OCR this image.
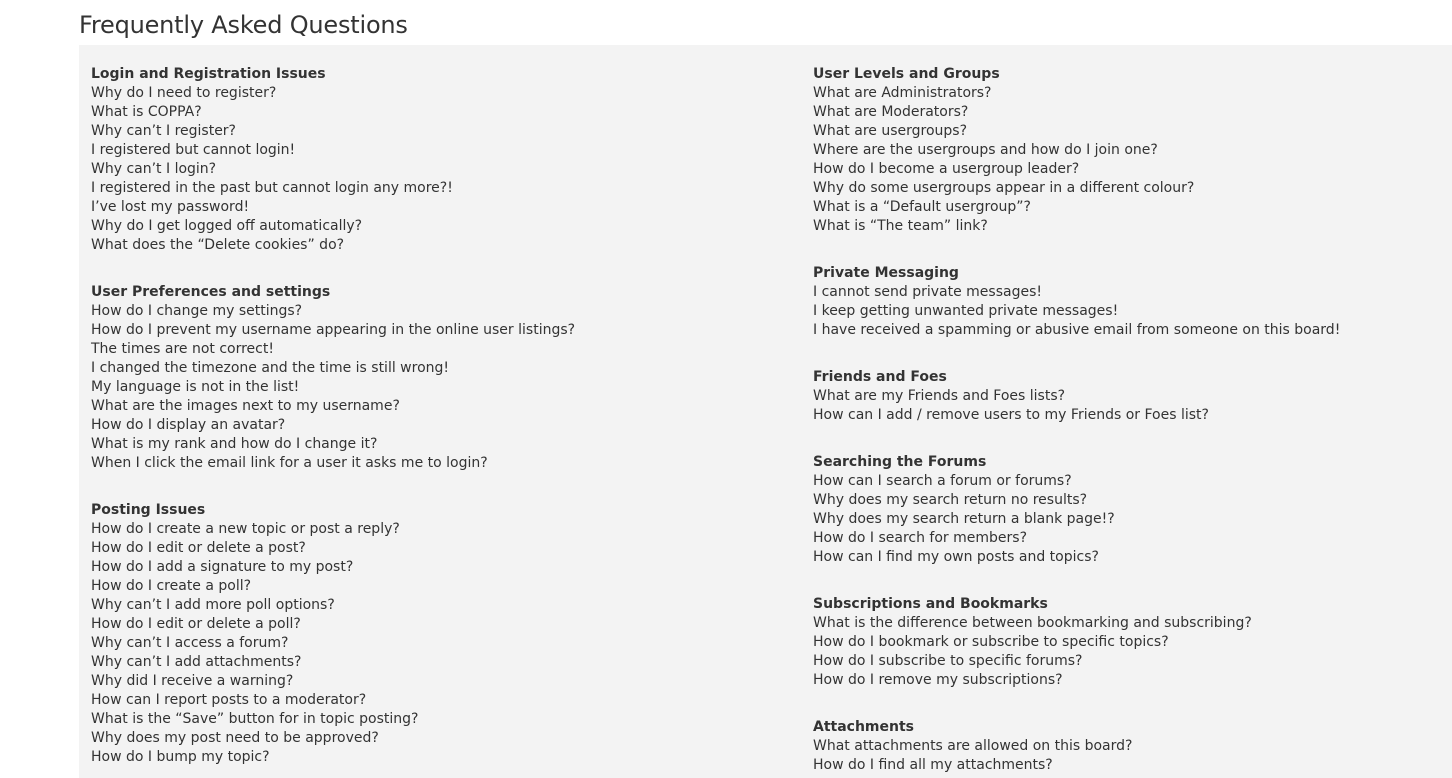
Frequently Asked Questions
Login and Registration Issues
Why do I need to register?
What is COPPA?
Why can’t I register?
I registered but cannot login!
Why can’t I login?
I registered in the past but cannot login any more?!
I’ve lost my password!
Why do I get logged off automatically?
What does the “Delete cookies” do?
User Preferences and settings
How do I change my settings?
How do I prevent my username appearing in the online user listings?
The times are not correct!
I changed the timezone and the time is still wrong!
My language is not in the list!
What are the images next to my username?
How do I display an avatar?
What is my rank and how do I change it?
When I click the email link for a user it asks me to login?
Posting Issues
How do I create a new topic or post a reply?
How do I edit or delete a post?
How do I add a signature to my post?
How do I create a poll?
Why can’t I add more poll options?
How do I edit or delete a poll?
Why can’t I access a forum?
Why can’t I add attachments?
Why did I receive a warning?
How can I report posts to a moderator?
What is the “Save” button for in topic posting?
Why does my post need to be approved?
How do I bump my topic?
User Levels and Groups
What are Administrators?
What are Moderators?
What are usergroups?
Where are the usergroups and how do I join one?
How do I become a usergroup leader?
Why do some usergroups appear in a different colour?
What is a “Default usergroup”?
What is “The team” link?
Private Messaging
I cannot send private messages!
I keep getting unwanted private messages!
I have received a spamming or abusive email from someone on this board!
Friends and Foes
What are my Friends and Foes lists?
How can I add / remove users to my Friends or Foes list?
Searching the Forums
How can I search a forum or forums?
Why does my search return no results?
Why does my search return a blank page!?
How do I search for members?
How can I find my own posts and topics?
Subscriptions and Bookmarks
What is the difference between bookmarking and subscribing?
How do I bookmark or subscribe to specific topics?
How do I subscribe to specific forums?
How do I remove my subscriptions?
Attachments
What attachments are allowed on this board?
How do I find all my attachments?
